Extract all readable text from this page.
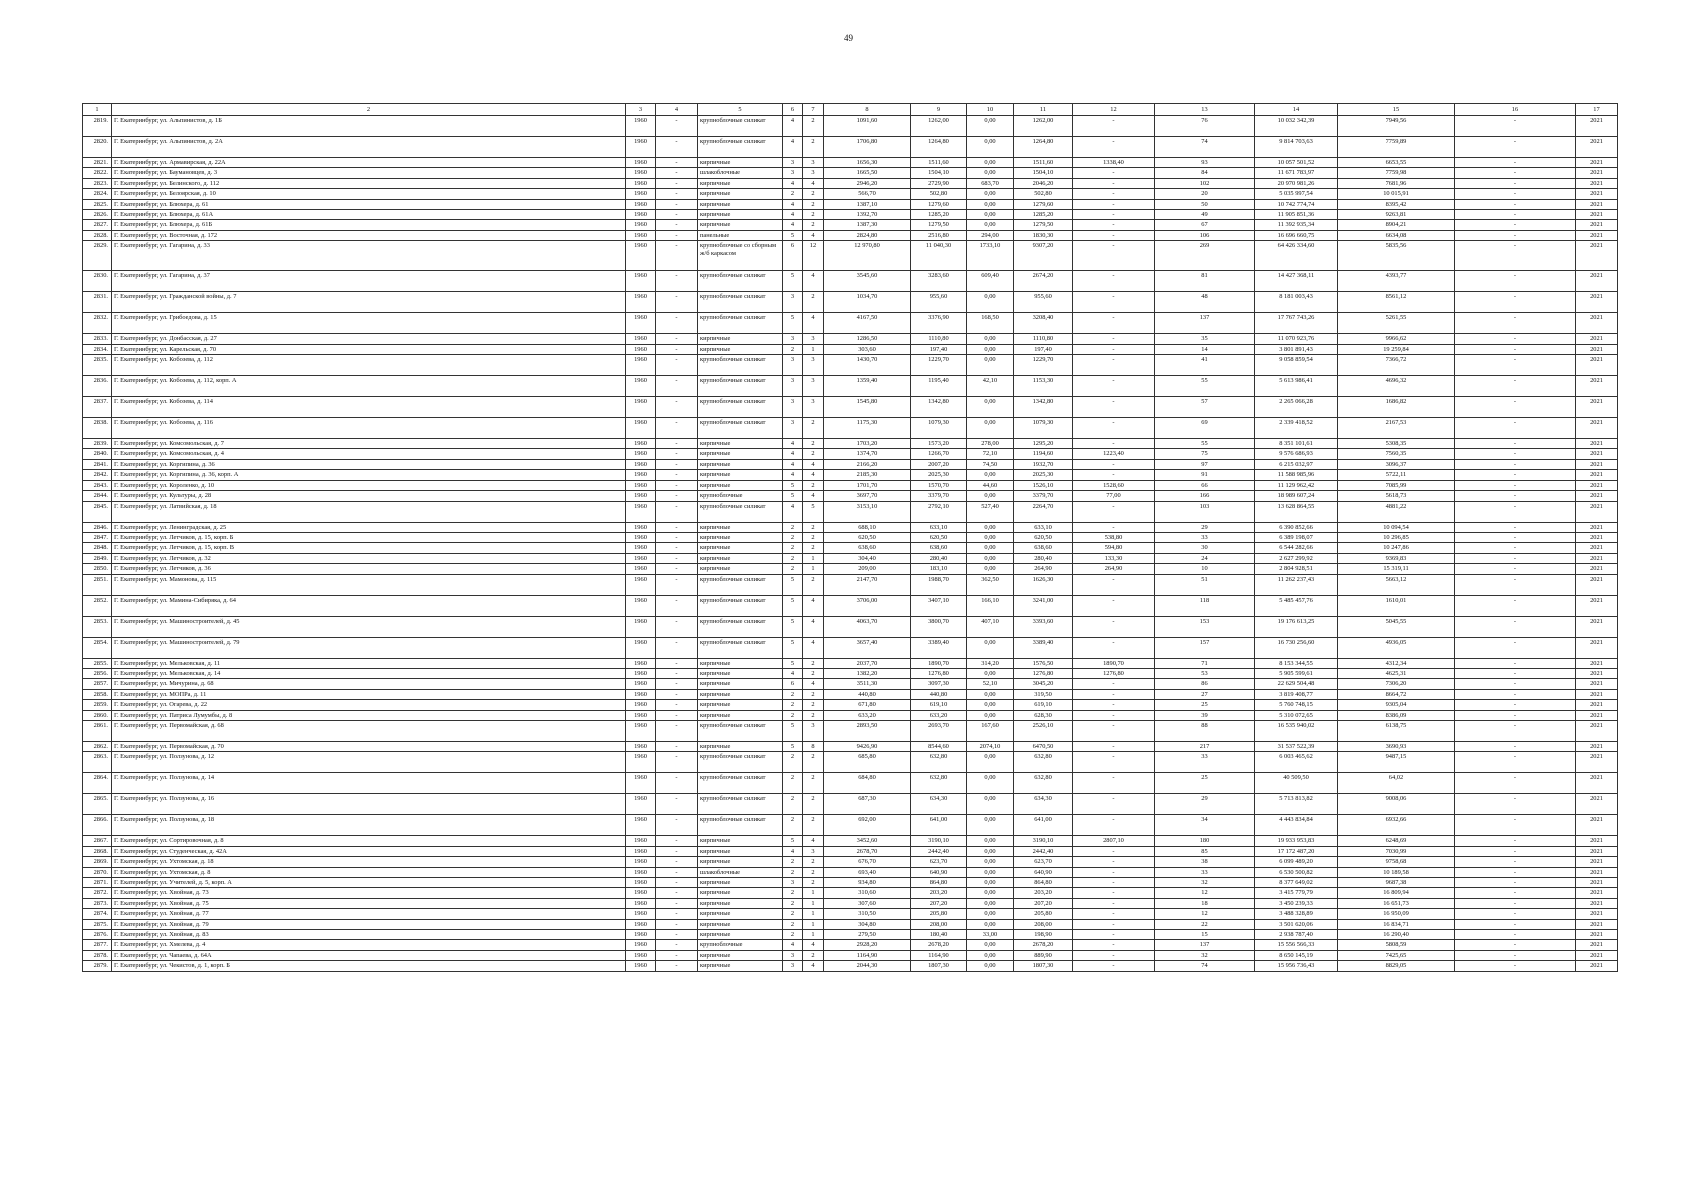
49
1	2	3	4	5	6	7	8	9	10	11	12	13	14	15	16	17
2819.	Г. Екатеринбург, ул. Альпинистов, д. 1Б	1960	-	крупноблочные силикат	4	2	1091,60	1262,00	0,00	1262,00	-	76	10 032 342,39	7949,56	-	2021
2820.	Г. Екатеринбург, ул. Альпинистов, д. 2А	1960	-	крупноблочные силикат	4	2	1706,80	1264,80	0,00	1264,80	-	74	9 814 703,63	7759,89	-	2021
2821.	Г. Екатеринбург, ул. Армавирская, д. 22А	1960	-	кирпичные	3	3	1656,30	1511,60	0,00	1511,60	1338,40	93	10 057 501,52	6653,55	-	2021
2822.	Г. Екатеринбург, ул. Баумановцев, д. 3	1960	-	шлакоблочные	3	3	1665,50	1504,10	0,00	1504,10	-	84	11 671 783,97	7759,98	-	2021
2823.	Г. Екатеринбург, ул. Белинского, д. 112	1960	-	кирпичные	4	4	2946,20	2729,90	683,70	2046,20	-	102	20 970 981,26	7681,96	-	2021
2824.	Г. Екатеринбург, ул. Белоярская, д. 10	1960	-	кирпичные	2	2	566,70	502,80	0,00	502,80	-	20	5 035 997,54	10 015,91	-	2021
2825.	Г. Екатеринбург, ул. Блюхера, д. 61	1960	-	кирпичные	4	2	1387,10	1279,60	0,00	1279,60	-	50	10 742 774,74	8395,42	-	2021
2826.	Г. Екатеринбург, ул. Блюхера, д. 61А	1960	-	кирпичные	4	2	1392,70	1285,20	0,00	1285,20	-	49	11 905 851,36	9263,81	-	2021
2827.	Г. Екатеринбург, ул. Блюхера, д. 61Б	1960	-	кирпичные	4	2	1387,30	1279,50	0,00	1279,50	-	67	11 392 935,34	8904,21	-	2021
2828.	Г. Екатеринбург, ул. Восточная, д. 172	1960	-	панельные	5	4	2824,80	2516,80	294,00	1830,30	-	106	16 696 660,75	6634,08	-	2021
2829.	Г. Екатеринбург, ул. Гагарина, д. 33	1960	-	крупноблочные со сборным ж/б каркасом	6	12	12 970,80	11 040,30	1733,10	9307,20	-	269	64 426 334,60	5835,56	-	2021
2830.	Г. Екатеринбург, ул. Гагарина, д. 37	1960	-	крупноблочные силикат	5	4	3545,60	3283,60	609,40	2674,20	-	81	14 427 368,11	4393,77	-	2021
2831.	Г. Екатеринбург, ул. Гражданской войны, д. 7	1960	-	крупноблочные силикат	3	2	1034,70	955,60	0,00	955,60	-	48	8 181 003,43	8561,12	-	2021
2832.	Г. Екатеринбург, ул. Грибоедова, д. 15	1960	-	крупноблочные силикат	5	4	4167,50	3376,90	168,50	3208,40	-	137	17 767 743,26	5261,55	-	2021
2833.	Г. Екатеринбург, ул. Донбасская, д. 27	1960	-	кирпичные	3	3	1286,50	1110,80	0,00	1110,80	-	35	11 070 923,76	9966,62	-	2021
2834.	Г. Екатеринбург, ул. Карельская, д. 70	1960	-	кирпичные	2	1	303,60	197,40	0,00	197,40	-	14	3 801 891,43	19 259,84	-	2021
2835.	Г. Екатеринбург, ул. Кобозева, д. 112	1960	-	крупноблочные силикат	3	3	1430,70	1229,70	0,00	1229,70	-	41	9 058 859,54	7366,72	-	2021
2836.	Г. Екатеринбург, ул. Кобозева, д. 112, корп. А	1960	-	крупноблочные силикат	3	3	1359,40	1195,40	42,10	1153,30	-	55	5 613 986,41	4696,32	-	2021
2837.	Г. Екатеринбург, ул. Кобозева, д. 114	1960	-	крупноблочные силикат	3	3	1545,80	1342,80	0,00	1342,80	-	57	2 265 066,28	1686,82	-	2021
2838.	Г. Екатеринбург, ул. Кобозева, д. 116	1960	-	крупноблочные силикат	3	2	1175,30	1079,30	0,00	1079,30	-	69	2 339 418,52	2167,53	-	2021
2839.	Г. Екатеринбург, ул. Комсомольская, д. 7	1960	-	кирпичные	4	2	1703,20	1573,20	278,00	1295,20	-	55	8 351 101,61	5308,35	-	2021
2840.	Г. Екатеринбург, ул. Комсомольская, д. 4	1960	-	кирпичные	4	2	1374,70	1266,70	72,10	1194,60	1223,40	75	9 576 686,93	7560,35	-	2021
2841.	Г. Екатеринбург, ул. Коргипина, д. 36	1960	-	кирпичные	4	4	2166,20	2007,20	74,50	1932,70	-	97	6 215 032,97	3096,37	-	2021
2842.	Г. Екатеринбург, ул. Коргипина, д. 36, корп. А	1960	-	кирпичные	4	4	2185,30	2025,30	0,00	2025,30	-	91	11 588 985,96	5722,11	-	2021
2843.	Г. Екатеринбург, ул. Короленко, д. 10	1960	-	кирпичные	5	2	1701,70	1570,70	44,60	1526,10	1528,60	66	11 129 962,42	7085,99	-	2021
2844.	Г. Екатеринбург, ул. Культуры, д. 28	1960	-	крупноблочные	5	4	3697,70	3379,70	0,00	3379,70	77,00	166	18 989 607,24	5618,73	-	2021
2845.	Г. Екатеринбург, ул. Латвийская, д. 18	1960	-	крупноблочные силикат	4	5	3153,10	2792,10	527,40	2264,70	-	103	13 628 864,55	4881,22	-	2021
2846.	Г. Екатеринбург, ул. Ленинградская, д. 25	1960	-	кирпичные	2	2	688,10	633,10	0,00	633,10	-	29	6 390 852,66	10 094,54	-	2021
2847.	Г. Екатеринбург, ул. Летчиков, д. 15, корп. Б	1960	-	кирпичные	2	2	620,50	620,50	0,00	620,50	538,80	33	6 389 198,07	10 296,85	-	2021
2848.	Г. Екатеринбург, ул. Летчиков, д. 15, корп. В	1960	-	кирпичные	2	2	638,60	638,60	0,00	638,60	594,80	30	6 544 282,66	10 247,86	-	2021
2849.	Г. Екатеринбург, ул. Летчиков, д. 32	1960	-	кирпичные	2	1	304,40	280,40	0,00	280,40	133,30	24	2 627 299,92	9369,83	-	2021
2850.	Г. Екатеринбург, ул. Летчиков, д. 36	1960	-	кирпичные	2	1	209,00	183,10	0,00	264,90	264,90	10	2 804 928,51	15 319,11	-	2021
2851.	Г. Екатеринбург, ул. Мамонова, д. 115	1960	-	крупноблочные силикат	5	2	2147,70	1988,70	362,50	1626,30	-	51	11 262 237,43	5663,12	-	2021
2852.	Г. Екатеринбург, ул. Мамина-Сибиряка, д. 64	1960	-	крупноблочные силикат	5	4	3706,00	3407,10	166,10	3241,00	-	118	5 485 457,76	1610,01	-	2021
2853.	Г. Екатеринбург, ул. Машиностроителей, д. 45	1960	-	крупноблочные силикат	5	4	4063,70	3800,70	407,10	3393,60	-	153	19 176 613,25	5045,55	-	2021
2854.	Г. Екатеринбург, ул. Машиностроителей, д. 79	1960	-	крупноблочные силикат	5	4	3657,40	3389,40	0,00	3389,40	-	157	16 730 256,60	4936,05	-	2021
2855.	Г. Екатеринбург, ул. Мельковская, д. 11	1960	-	кирпичные	5	2	2037,70	1890,70	314,20	1576,50	1890,70	71	8 153 344,55	4312,34	-	2021
2856.	Г. Екатеринбург, ул. Мельковская, д. 14	1960	-	кирпичные	4	2	1382,20	1276,80	0,00	1276,80	1276,80	53	5 905 599,61	4625,31	-	2021
2857.	Г. Екатеринбург, ул. Мичурина, д. 68	1960	-	кирпичные	6	4	3511,30	3097,30	52,10	3045,20	-	86	22 629 504,48	7306,20	-	2021
2858.	Г. Екатеринбург, ул. МОПРа, д. 11	1960	-	кирпичные	2	2	440,80	440,80	0,00	319,50	-	27	3 819 408,77	8664,72	-	2021
2859.	Г. Екатеринбург, ул. Огарева, д. 22	1960	-	кирпичные	2	2	671,80	619,10	0,00	619,10	-	25	5 760 748,15	9305,04	-	2021
2860.	Г. Екатеринбург, ул. Патриса Лумумбы, д. 8	1960	-	кирпичные	2	2	633,20	633,20	0,00	628,30	-	39	5 310 072,65	8386,09	-	2021
2861.	Г. Екатеринбург, ул. Первомайская, д. 68	1960	-	крупноблочные силикат	5	3	2893,50	2693,70	167,60	2526,10	-	88	16 535 940,02	6138,75	-	2021
2862.	Г. Екатеринбург, ул. Первомайская, д. 70	1960	-	кирпичные	5	8	9426,90	8544,60	2074,10	6470,50	-	217	31 537 522,39	3690,93	-	2021
2863.	Г. Екатеринбург, ул. Ползунова, д. 12	1960	-	крупноблочные силикат	2	2	685,80	632,80	0,00	632,80	-	33	6 003 465,62	9487,15	-	2021
2864.	Г. Екатеринбург, ул. Ползунова, д. 14	1960	-	крупноблочные силикат	2	2	684,80	632,80	0,00	632,80	-	25	40 509,50	64,02	-	2021
2865.	Г. Екатеринбург, ул. Ползунова, д. 16	1960	-	крупноблочные силикат	2	2	687,30	634,30	0,00	634,30	-	29	5 713 813,82	9008,06	-	2021
2866.	Г. Екатеринбург, ул. Ползунова, д. 18	1960	-	крупноблочные силикат	2	2	692,00	641,00	0,00	641,00	-	34	4 443 834,84	6932,66	-	2021
2867.	Г. Екатеринбург, ул. Сортировочная, д. 8	1960	-	кирпичные	5	4	3452,60	3190,10	0,00	3190,10	2807,10	180	19 933 953,83	6248,69	-	2021
2868.	Г. Екатеринбург, ул. Студенческая, д. 42А	1960	-	кирпичные	4	3	2678,70	2442,40	0,00	2442,40	-	85	17 172 487,20	7030,99	-	2021
2869.	Г. Екатеринбург, ул. Ухтомская, д. 18	1960	-	кирпичные	2	2	676,70	623,70	0,00	623,70	-	38	6 099 489,20	9758,68	-	2021
2870.	Г. Екатеринбург, ул. Ухтомская, д. 8	1960	-	шлакоблочные	2	2	693,40	640,90	0,00	640,90	-	33	6 530 500,82	10 189,58	-	2021
2871.	Г. Екатеринбург, ул. Учителей, д. 5, корп. А	1960	-	кирпичные	3	2	934,80	864,80	0,00	864,80	-	32	8 377 649,02	9687,38	-	2021
2872.	Г. Екатеринбург, ул. Хвойная, д. 73	1960	-	кирпичные	2	1	310,60	203,20	0,00	203,20	-	12	3 415 779,79	16 809,94	-	2021
2873.	Г. Екатеринбург, ул. Хвойная, д. 75	1960	-	кирпичные	2	1	307,60	207,20	0,00	207,20	-	18	3 450 239,33	16 651,73	-	2021
2874.	Г. Екатеринбург, ул. Хвойная, д. 77	1960	-	кирпичные	2	1	310,50	205,80	0,00	205,80	-	12	3 488 328,89	16 950,09	-	2021
2875.	Г. Екатеринбург, ул. Хвойная, д. 79	1960	-	кирпичные	2	1	304,80	208,00	0,00	208,00	-	22	3 501 620,06	16 834,71	-	2021
2876.	Г. Екатеринбург, ул. Хвойная, д. 83	1960	-	кирпичные	2	1	279,50	180,40	33,00	198,90	-	15	2 938 787,40	16 290,40	-	2021
2877.	Г. Екатеринбург, ул. Хмелева, д. 4	1960	-	крупноблочные	4	4	2928,20	2678,20	0,00	2678,20	-	137	15 556 566,33	5808,59	-	2021
2878.	Г. Екатеринбург, ул. Чапаева, д. 64А	1960	-	кирпичные	3	2	1164,90	1164,90	0,00	889,90	-	32	8 650 145,19	7425,65	-	2021
2879.	Г. Екатеринбург, ул. Чекистов, д. 1, корп. Б	1960	-	кирпичные	3	4	2044,30	1807,30	0,00	1807,30	-	74	15 956 736,43	8829,05	-	2021
